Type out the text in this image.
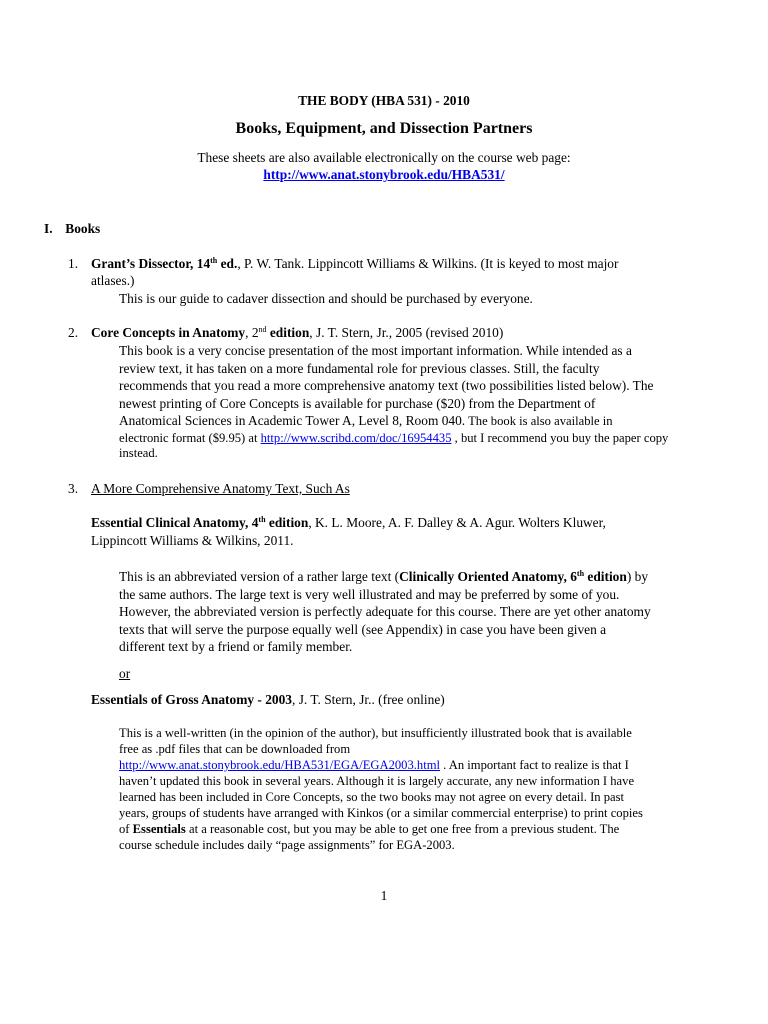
THE BODY (HBA 531) - 2010
Books, Equipment, and Dissection Partners
These sheets are also available electronically on the course web page:
http://www.anat.stonybrook.edu/HBA531/
I. Books
1. Grant’s Dissector, 14th ed., P. W. Tank. Lippincott Williams & Wilkins. (It is keyed to most major
atlases.)
This is our guide to cadaver dissection and should be purchased by everyone.
2. Core Concepts in Anatomy, 2nd edition, J. T. Stern, Jr., 2005 (revised 2010)
This book is a very concise presentation of the most important information. While intended as a
review text, it has taken on a more fundamental role for previous classes. Still, the faculty
recommends that you read a more comprehensive anatomy text (two possibilities listed below). The
newest printing of Core Concepts is available for purchase ($20) from the Department of
Anatomical Sciences in Academic Tower A, Level 8, Room 040. The book is also available in
electronic format ($9.95) at http://www.scribd.com/doc/16954435 , but I recommend you buy the paper copy
instead.
3. A More Comprehensive Anatomy Text, Such As
Essential Clinical Anatomy, 4th edition, K. L. Moore, A. F. Dalley & A. Agur. Wolters Kluwer,
Lippincott Williams & Wilkins, 2011.
This is an abbreviated version of a rather large text (Clinically Oriented Anatomy, 6th edition) by
the same authors. The large text is very well illustrated and may be preferred by some of you.
However, the abbreviated version is perfectly adequate for this course. There are yet other anatomy
texts that will serve the purpose equally well (see Appendix) in case you have been given a
different text by a friend or family member.
or
Essentials of Gross Anatomy - 2003, J. T. Stern, Jr.. (free online)
This is a well-written (in the opinion of the author), but insufficiently illustrated book that is available
free as .pdf files that can be downloaded from
http://www.anat.stonybrook.edu/HBA531/EGA/EGA2003.html . An important fact to realize is that I
haven’t updated this book in several years. Although it is largely accurate, any new information I have
learned has been included in Core Concepts, so the two books may not agree on every detail. In past
years, groups of students have arranged with Kinkos (or a similar commercial enterprise) to print copies
of Essentials at a reasonable cost, but you may be able to get one free from a previous student. The
course schedule includes daily “page assignments” for EGA-2003.
1
